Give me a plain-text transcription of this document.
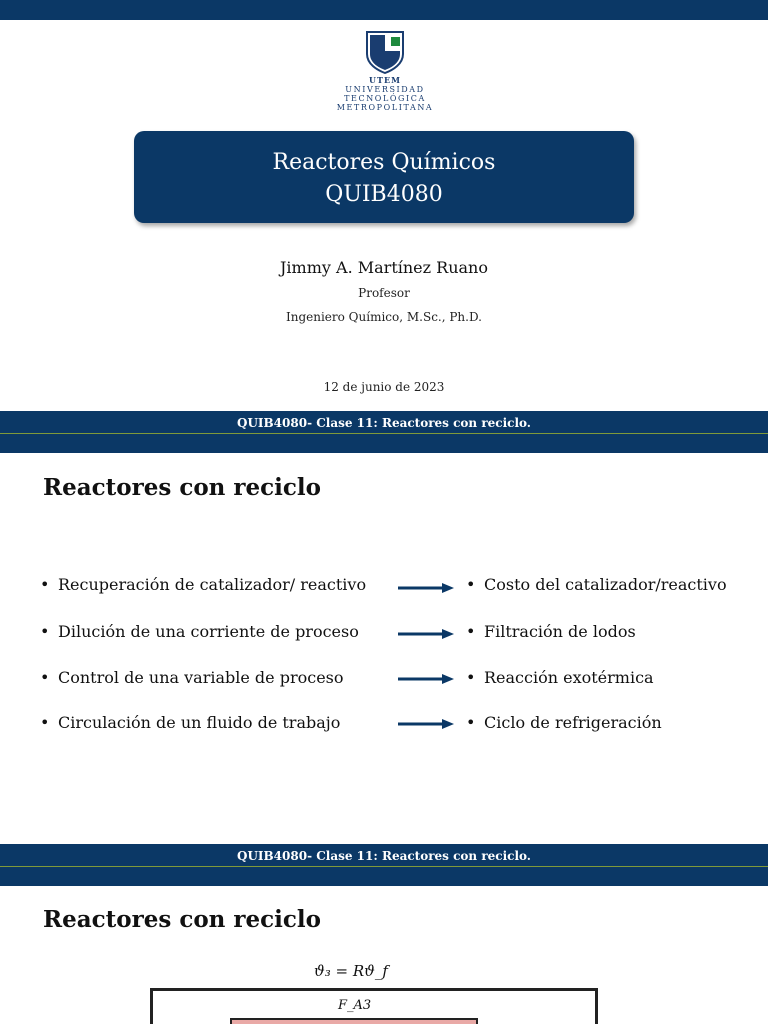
UTEM
UNIVERSIDAD
TECNOLÓGICA
METROPOLITANA
Reactores Químicos
QUIB4080
Jimmy A. Martínez Ruano
Profesor
Ingeniero Químico, M.Sc., Ph.D.
12 de junio de 2023
QUIB4080- Clase 11: Reactores con reciclo.
Reactores con reciclo
• Recuperación de catalizador/ reactivo	• Costo del catalizador/reactivo
• Dilución de una corriente de proceso	• Filtración de lodos
• Control de una variable de proceso	• Reacción exotérmica
• Circulación de un fluido de trabajo	• Ciclo de refrigeración
QUIB4080- Clase 11: Reactores con reciclo.
Reactores con reciclo
ϑ₃ = Rϑ_f
F_A3
